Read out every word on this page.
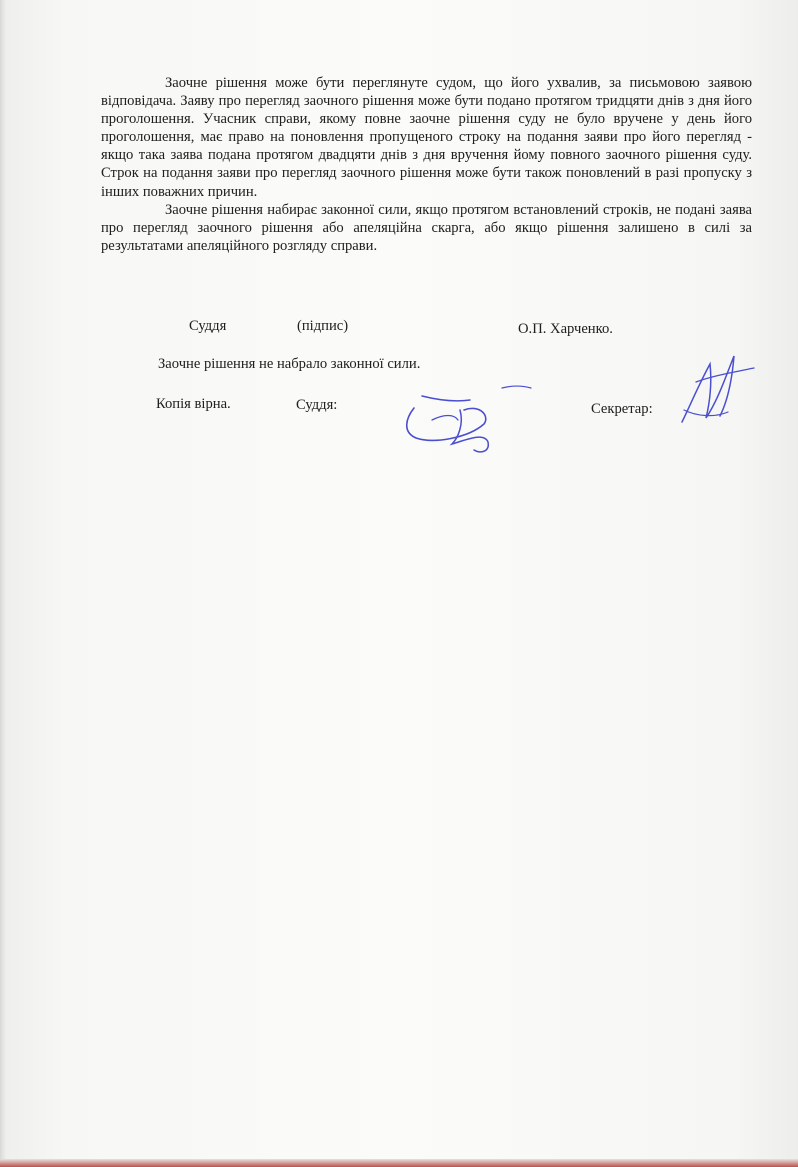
Заочне рішення може бути переглянуте судом, що його ухвалив, за письмовою заявою відповідача. Заяву про перегляд заочного рішення може бути подано протягом тридцяти днів з дня його проголошення. Учасник справи, якому повне заочне рішення суду не було вручене у день його проголошення, має право на поновлення пропущеного строку на подання заяви про його перегляд - якщо така заява подана протягом двадцяти днів з дня вручення йому повного заочного рішення суду. Строк на подання заяви про перегляд заочного рішення може бути також поновлений в разі пропуску з інших поважних причин.

Заочне рішення набирає законної сили, якщо протягом встановлений строків, не подані заява про перегляд заочного рішення або апеляційна скарга, або якщо рішення залишено в силі за результатами апеляційного розгляду справи.

Суддя	(підпис)	О.П. Харченко.
Заочне рішення не набрало законної сили.
Копія вірна.	Суддя:	Секретар:
